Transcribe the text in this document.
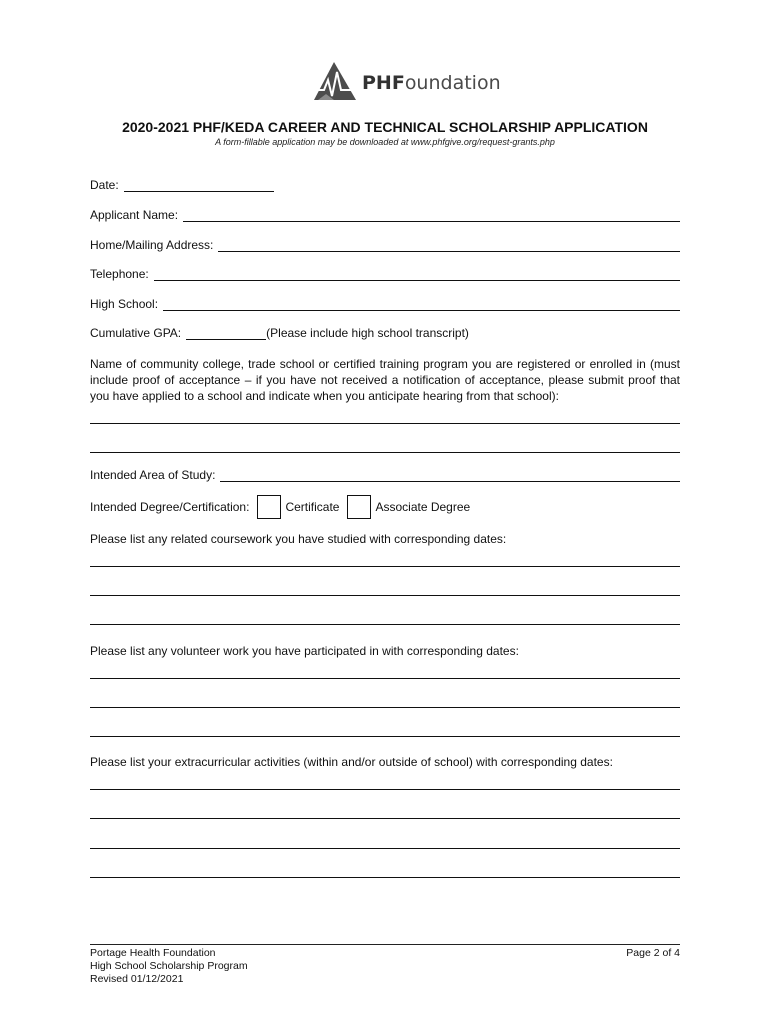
PHFoundation
2020-2021 PHF/KEDA CAREER AND TECHNICAL SCHOLARSHIP APPLICATION
A form-fillable application may be downloaded at www.phfgive.org/request-grants.php
Date:
Applicant Name:
Home/Mailing Address:
Telephone:
High School:
Cumulative GPA:	(Please include high school transcript)
Name of community college, trade school or certified training program you are registered or enrolled in (must include proof of acceptance – if you have not received a notification of acceptance, please submit proof that you have applied to a school and indicate when you anticipate hearing from that school):
Intended Area of Study:
Intended Degree/Certification:	Certificate	Associate Degree
Please list any related coursework you have studied with corresponding dates:
Please list any volunteer work you have participated in with corresponding dates:
Please list your extracurricular activities (within and/or outside of school) with corresponding dates:
Portage Health Foundation
High School Scholarship Program
Revised 01/12/2021
Page 2 of 4
